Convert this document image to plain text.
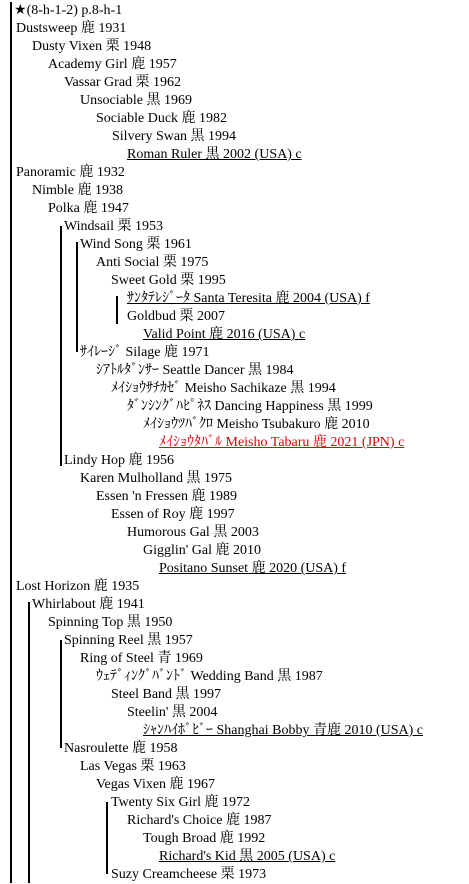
★(8-h-1-2) p.8-h-1
Dustsweep 鹿 1931
Dusty Vixen 栗 1948
Academy Girl 鹿 1957
Vassar Grad 栗 1962
Unsociable 黒 1969
Sociable Duck 鹿 1982
Silvery Swan 黒 1994
Roman Ruler 黒 2002 (USA) c
Panoramic 鹿 1932
Nimble 鹿 1938
Polka 鹿 1947
Windsail 栗 1953
Wind Song 栗 1961
Anti Social 栗 1975
Sweet Gold 栗 1995
ｻﾝﾀﾃﾚｼﾞｰﾀ Santa Teresita 鹿 2004 (USA) f
Goldbud 栗 2007
Valid Point 鹿 2016 (USA) c
ｻｲﾚｰｼﾞ Silage 鹿 1971
ｼｱﾄﾙﾀﾞﾝｻｰ Seattle Dancer 黒 1984
ﾒｲｼｮｳｻﾁｶｾﾞ Meisho Sachikaze 黒 1994
ﾀﾞﾝｼﾝｸﾞﾊﾋﾟﾈｽ Dancing Happiness 黒 1999
ﾒｲｼｮｳﾂﾊﾞｸﾛ Meisho Tsubakuro 鹿 2010
ﾒｲｼｮｳﾀﾊﾞﾙ Meisho Tabaru 鹿 2021 (JPN) c
Lindy Hop 鹿 1956
Karen Mulholland 黒 1975
Essen 'n Fressen 鹿 1989
Essen of Roy 鹿 1997
Humorous Gal 黒 2003
Gigglin' Gal 鹿 2010
Positano Sunset 鹿 2020 (USA) f
Lost Horizon 鹿 1935
Whirlabout 鹿 1941
Spinning Top 黒 1950
Spinning Reel 黒 1957
Ring of Steel 青 1969
ｳｪﾃﾞｨﾝｸﾞﾊﾞﾝﾄﾞ Wedding Band 黒 1987
Steel Band 黒 1997
Steelin' 黒 2004
ｼｬﾝﾊｲﾎﾞﾋﾞｰ Shanghai Bobby 青鹿 2010 (USA) c
Nasroulette 鹿 1958
Las Vegas 栗 1963
Vegas Vixen 鹿 1967
Twenty Six Girl 鹿 1972
Richard's Choice 鹿 1987
Tough Broad 鹿 1992
Richard's Kid 黒 2005 (USA) c
Suzy Creamcheese 栗 1973
